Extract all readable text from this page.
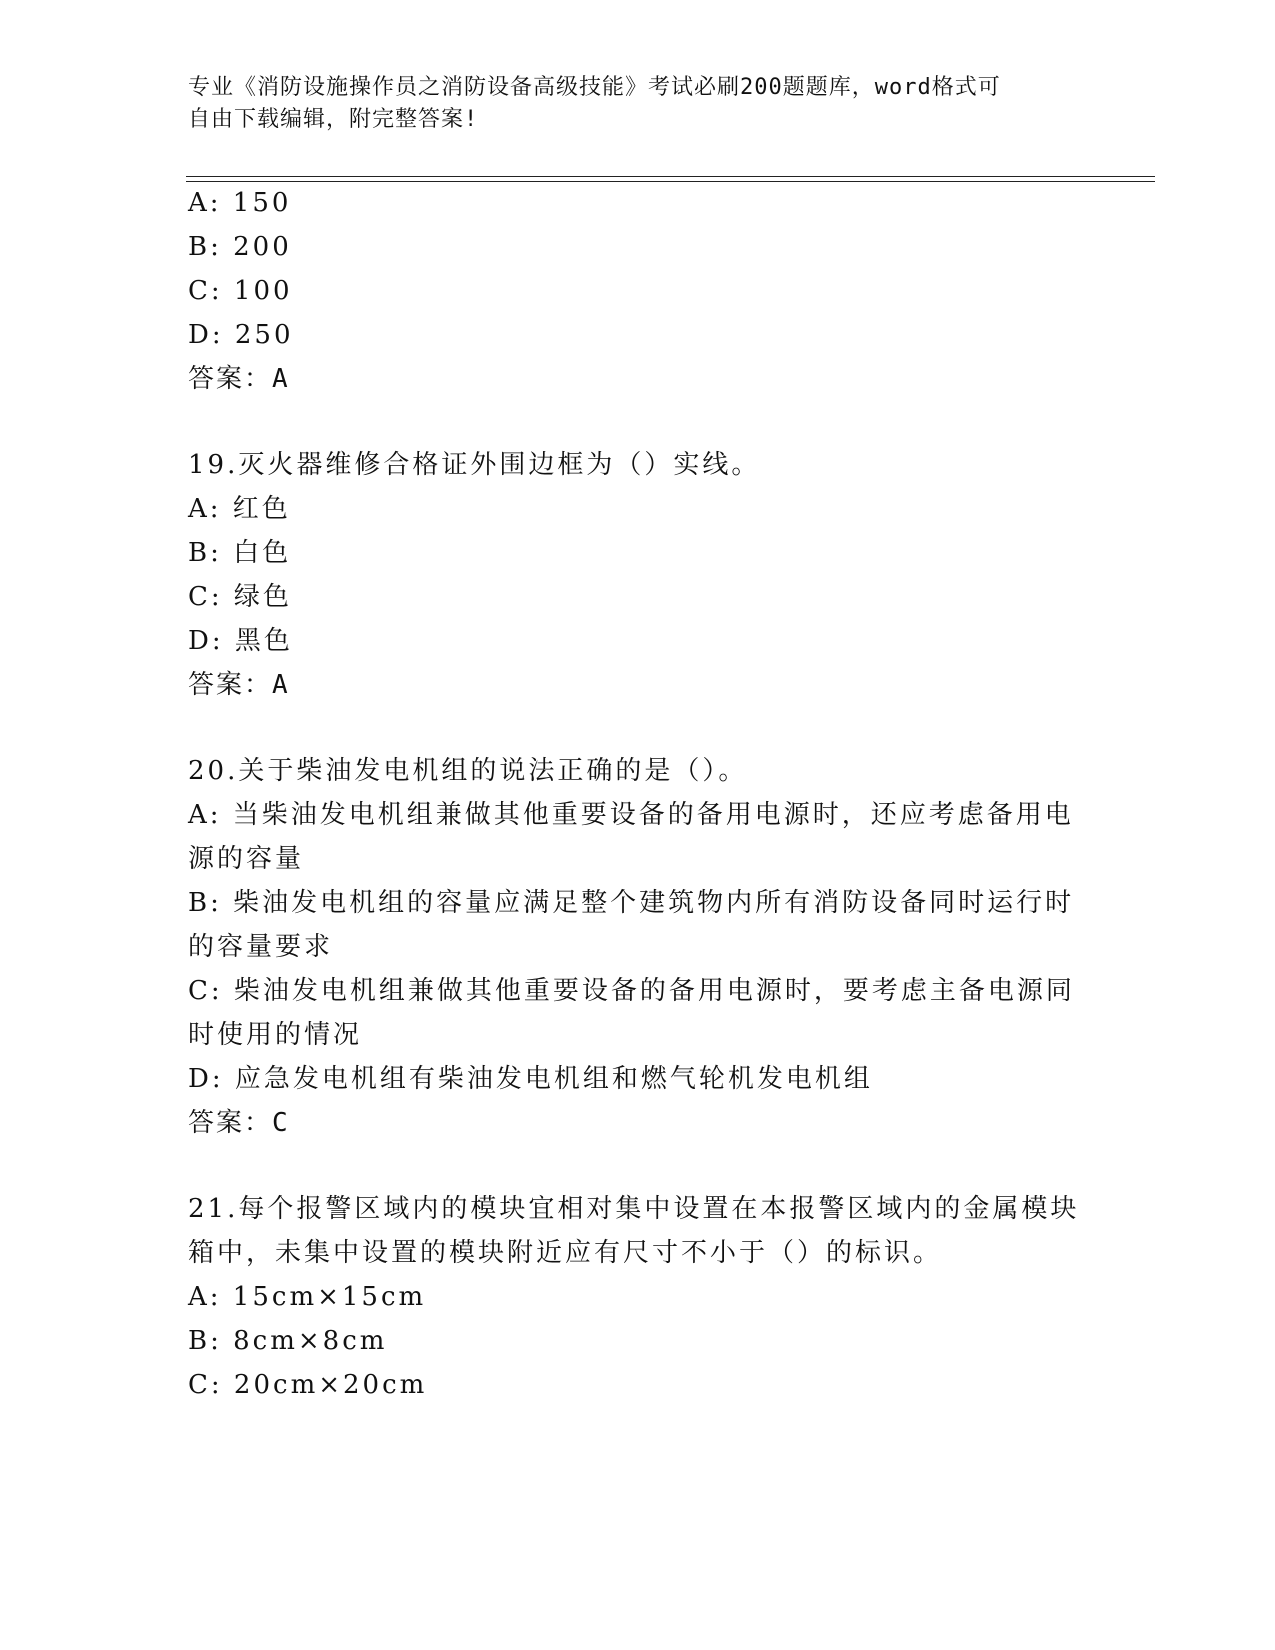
专业《消防设施操作员之消防设备高级技能》考试必刷200题题库，word格式可
自由下载编辑，附完整答案!
A: 150
B: 200
C: 100
D: 250
答案：A
19.灭火器维修合格证外围边框为（）实线。
A: 红色
B: 白色
C: 绿色
D: 黑色
答案：A
20.关于柴油发电机组的说法正确的是（）。
A: 当柴油发电机组兼做其他重要设备的备用电源时，还应考虑备用电
源的容量
B: 柴油发电机组的容量应满足整个建筑物内所有消防设备同时运行时
的容量要求
C: 柴油发电机组兼做其他重要设备的备用电源时，要考虑主备电源同
时使用的情况
D: 应急发电机组有柴油发电机组和燃气轮机发电机组
答案：C
21.每个报警区域内的模块宜相对集中设置在本报警区域内的金属模块
箱中，未集中设置的模块附近应有尺寸不小于（）的标识。
A: 15cm×15cm
B: 8cm×8cm
C: 20cm×20cm
